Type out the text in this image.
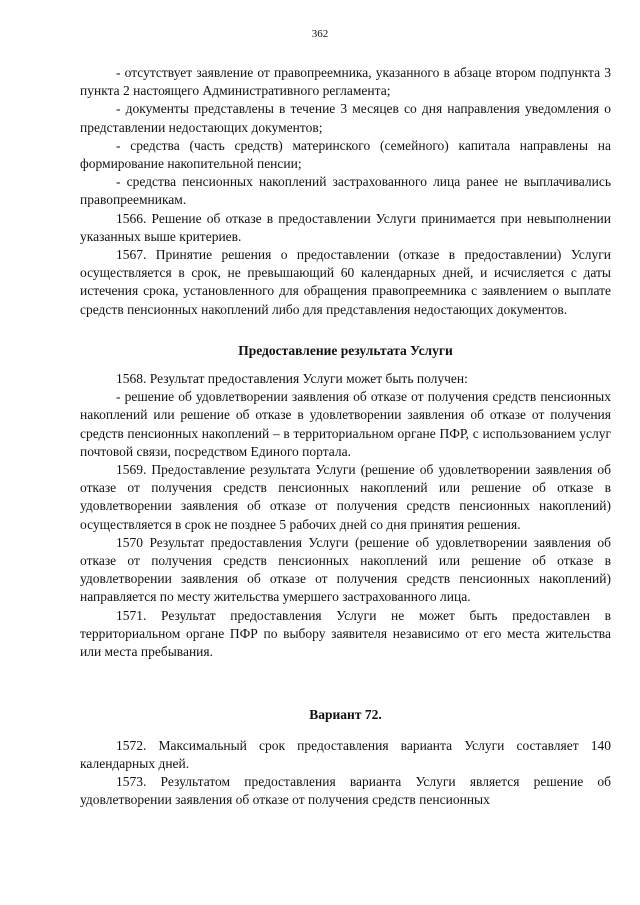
362

- отсутствует заявление от правопреемника, указанного в абзаце втором подпункта 3 пункта 2 настоящего Административного регламента;

- документы представлены в течение 3 месяцев со дня направления уведомления о представлении недостающих документов;

- средства (часть средств) материнского (семейного) капитала направлены на формирование накопительной пенсии;

- средства пенсионных накоплений застрахованного лица ранее не выплачивались правопреемникам.

1566. Решение об отказе в предоставлении Услуги принимается при невыполнении указанных выше критериев.

1567. Принятие решения о предоставлении (отказе в предоставлении) Услуги осуществляется в срок, не превышающий 60 календарных дней, и исчисляется с даты истечения срока, установленного для обращения правопреемника с заявлением о выплате средств пенсионных накоплений либо для представления недостающих документов.

Предоставление результата Услуги

1568. Результат предоставления Услуги может быть получен:

- решение об удовлетворении заявления об отказе от получения средств пенсионных накоплений или решение об отказе в удовлетворении заявления об отказе от получения средств пенсионных накоплений – в территориальном органе ПФР, с использованием услуг почтовой связи, посредством Единого портала.

1569. Предоставление результата Услуги (решение об удовлетворении заявления об отказе от получения средств пенсионных накоплений или решение об отказе в удовлетворении заявления об отказе от получения средств пенсионных накоплений) осуществляется в срок не позднее 5 рабочих дней со дня принятия решения.

1570 Результат предоставления Услуги (решение об удовлетворении заявления об отказе от получения средств пенсионных накоплений или решение об отказе в удовлетворении заявления об отказе от получения средств пенсионных накоплений) направляется по месту жительства умершего застрахованного лица.

1571. Результат предоставления Услуги не может быть предоставлен в территориальном органе ПФР по выбору заявителя независимо от его места жительства или места пребывания.

Вариант 72.

1572. Максимальный срок предоставления варианта Услуги составляет 140 календарных дней.

1573. Результатом предоставления варианта Услуги является решение об удовлетворении заявления об отказе от получения средств пенсионных
